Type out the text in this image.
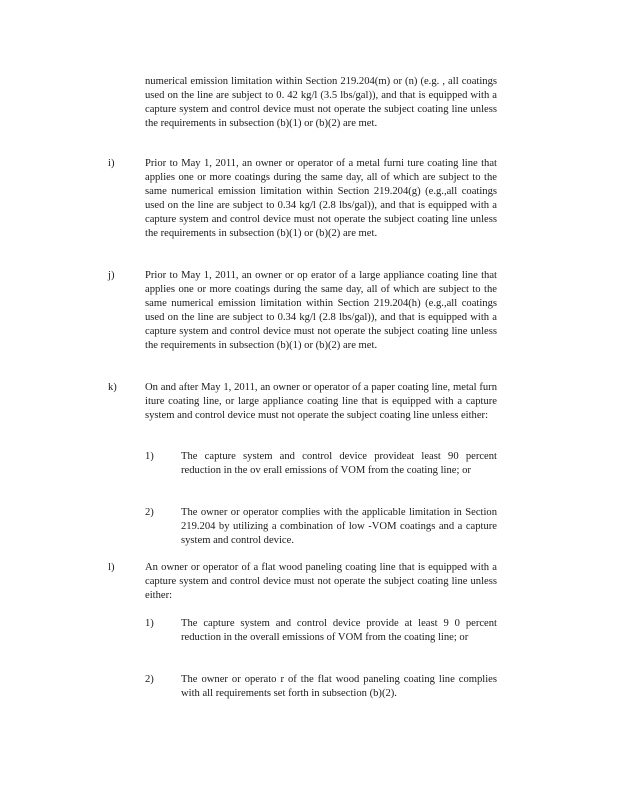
numerical emission limitation within Section 219.204(m) or (n) (e.g. , all coatings used on the line are subject to 0. 42 kg/l (3.5 lbs/gal)), and that is equipped with a capture system and control device must not operate the subject coating line unless the requirements in subsection (b)(1) or (b)(2) are met.
i)	Prior to May 1, 2011, an owner or operator of a metal furni ture coating line that applies one or more coatings during the same day, all of which are subject to the same numerical emission limitation within Section 219.204(g) (e.g.,all coatings used on the line are subject to 0.34 kg/l (2.8 lbs/gal)), and that is equipped with a capture system and control device must not operate the subject coating line unless the requirements in subsection (b)(1) or (b)(2) are met.
j)	Prior to May 1, 2011, an owner or op erator of a large appliance coating line that applies one or more coatings during the same day, all of which are subject to the same numerical emission limitation within Section 219.204(h) (e.g.,all coatings used on the line are subject to 0.34 kg/l (2.8 lbs/gal)), and that is equipped with a capture system and control device must not operate the subject coating line unless the requirements in subsection (b)(1) or (b)(2) are met.
k)	On and after May 1, 2011, an owner or operator of a paper coating line, metal furn iture coating line, or large appliance coating line that is equipped with a capture system and control device must not operate the subject coating line unless either:
1)	The capture system and control device provideat least 90 percent reduction in the ov erall emissions of VOM from the coating line; or
2)	The owner or operator complies with the applicable limitation in Section 219.204 by utilizing a combination of low -VOM coatings and a capture system and control device.
l)	An owner or operator of a flat wood paneling coating line that is equipped with a capture system and control device must not operate the subject coating line unless either:
1)	The capture system and control device provide at least 9 0 percent reduction in the overall emissions of VOM from the coating line; or
2)	The owner or operato r of the flat wood paneling coating line complies with all requirements set forth in subsection (b)(2).
